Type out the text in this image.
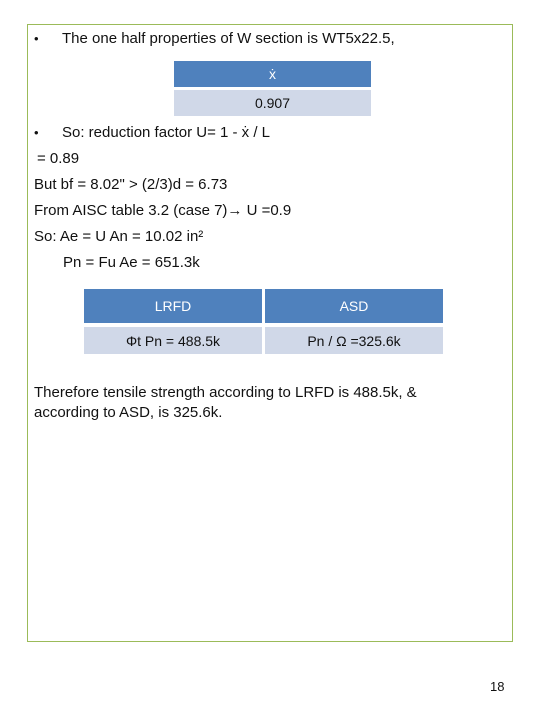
• The one half properties of W section is WT5x22.5,
ẋ
0.907
• So: reduction factor U= 1 - ẋ / L
= 0.89
But bf = 8.02" > (2/3)d = 6.73
From AISC table 3.2 (case 7)→ U =0.9
So: Ae = U An = 10.02 in²
Pn = Fu Ae = 651.3k
LRFD	ASD
Φt Pn = 488.5k	Pn / Ω =325.6k
Therefore tensile strength according to LRFD is 488.5k, & according to ASD, is 325.6k.
18
